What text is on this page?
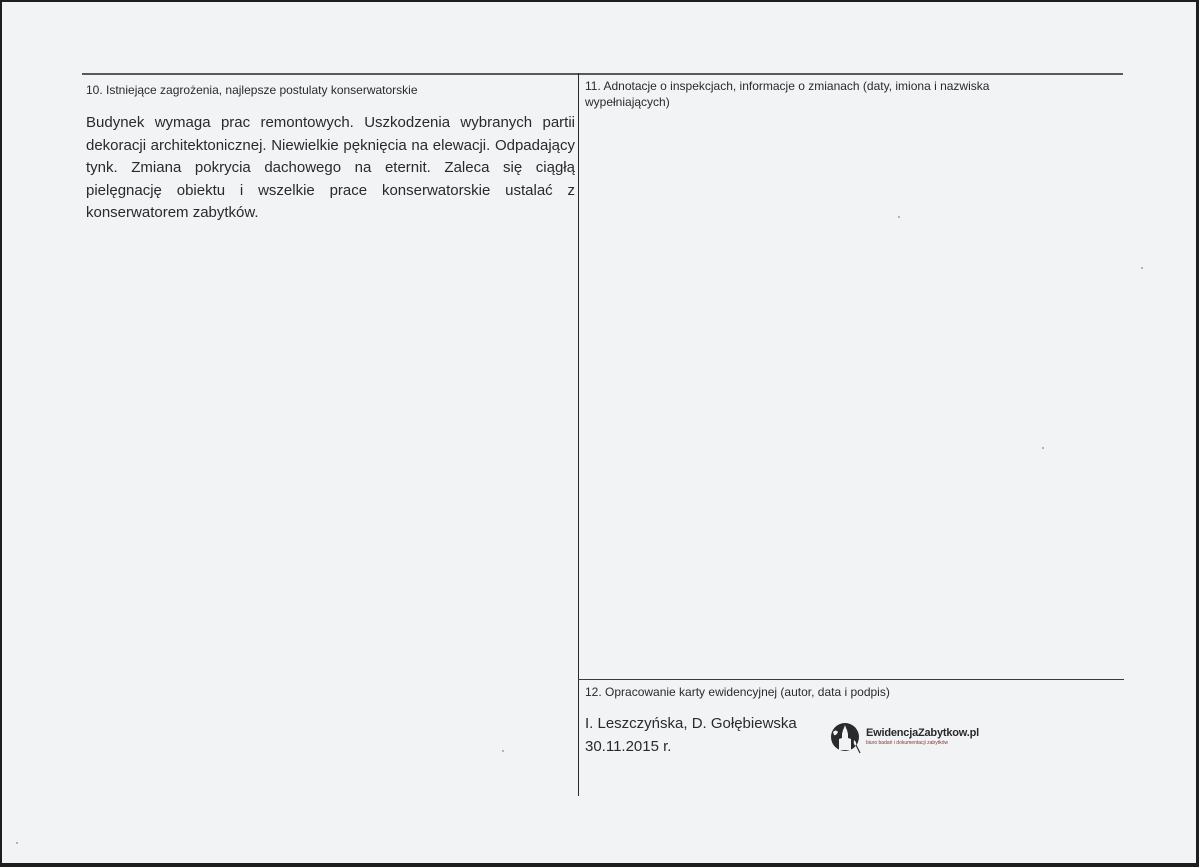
10. Istniejące zagrożenia, najlepsze postulaty konserwatorskie
Budynek wymaga prac remontowych. Uszkodzenia wybranych partii dekoracji architektonicznej. Niewielkie pęknięcia na elewacji. Odpadający tynk. Zmiana pokrycia dachowego na eternit. Zaleca się ciągłą pielęgnację obiektu i wszelkie prace konserwatorskie ustalać z konserwatorem zabytków.
11. Adnotacje o inspekcjach, informacje o zmianach (daty, imiona i nazwiska wypełniających)
12. Opracowanie karty ewidencyjnej (autor, data i podpis)
I. Leszczyńska, D. Gołębiewska
30.11.2015 r.
EwidencjaZabytkow.pl
biuro badań i dokumentacji zabytków
